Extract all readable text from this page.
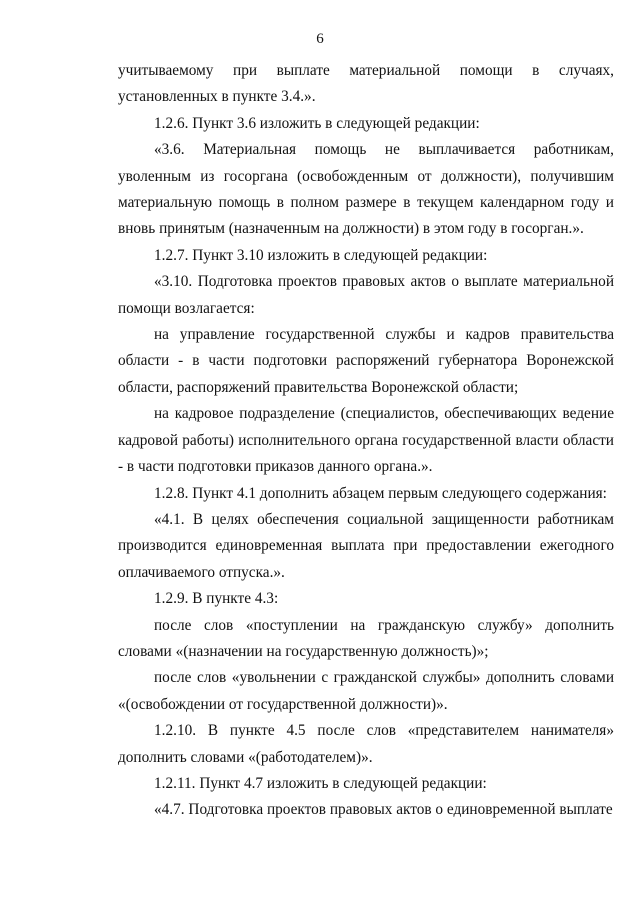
6

учитываемому при выплате материальной помощи в случаях, установленных в пункте 3.4.».

1.2.6. Пункт 3.6 изложить в следующей редакции:

«3.6. Материальная помощь не выплачивается работникам, уволенным из госоргана (освобожденным от должности), получившим материальную помощь в полном размере в текущем календарном году и вновь принятым (назначенным на должности) в этом году в госорган.».

1.2.7. Пункт 3.10 изложить в следующей редакции:

«3.10. Подготовка проектов правовых актов о выплате материальной помощи возлагается:

на управление государственной службы и кадров правительства области - в части подготовки распоряжений губернатора Воронежской области, распоряжений правительства Воронежской области;

на кадровое подразделение (специалистов, обеспечивающих ведение кадровой работы) исполнительного органа государственной власти области - в части подготовки приказов данного органа.».

1.2.8. Пункт 4.1 дополнить абзацем первым следующего содержания:

«4.1. В целях обеспечения социальной защищенности работникам производится единовременная выплата при предоставлении ежегодного оплачиваемого отпуска.».

1.2.9. В пункте 4.3:

после слов «поступлении на гражданскую службу» дополнить словами «(назначении на государственную должность)»;

после слов «увольнении с гражданской службы» дополнить словами «(освобождении от государственной должности)».

1.2.10. В пункте 4.5 после слов «представителем нанимателя» дополнить словами «(работодателем)».

1.2.11. Пункт 4.7 изложить в следующей редакции:

«4.7. Подготовка проектов правовых актов о единовременной выплате
